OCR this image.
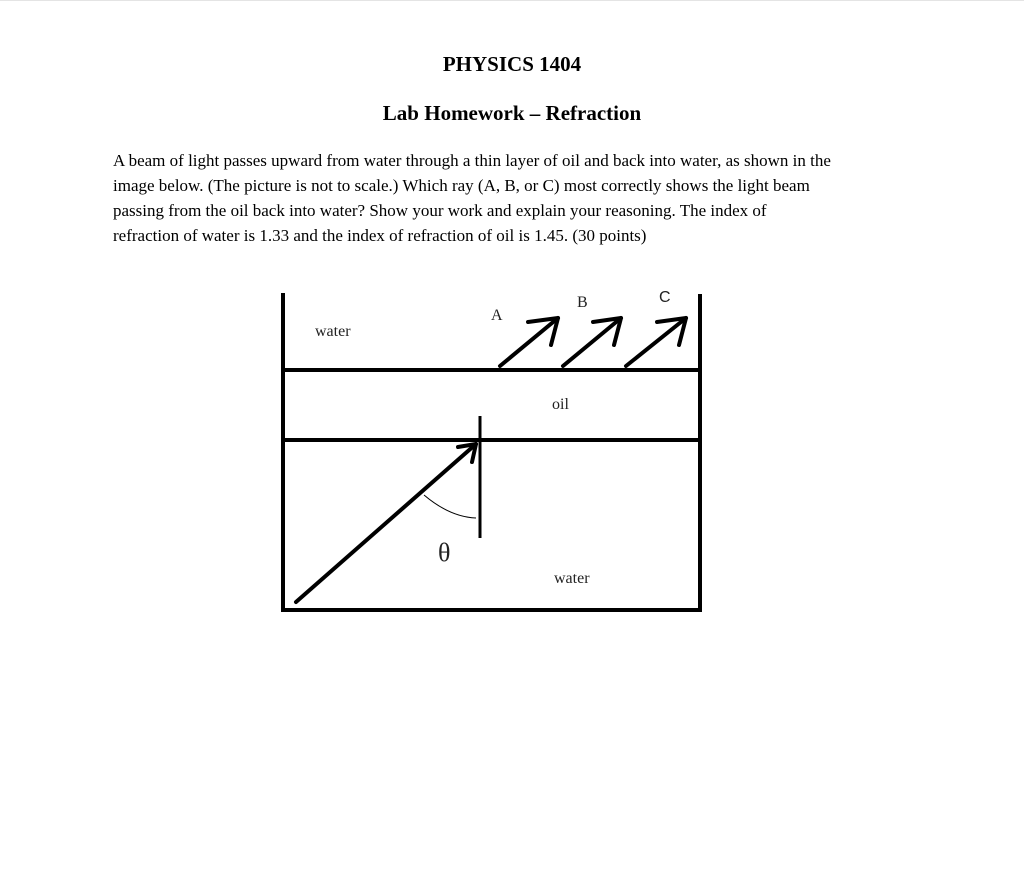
PHYSICS 1404
Lab Homework – Refraction

A beam of light passes upward from water through a thin layer of oil and back into water, as shown in the
image below. (The picture is not to scale.) Which ray (A, B, or C) most correctly shows the light beam
passing from the oil back into water? Show your work and explain your reasoning. The index of
refraction of water is 1.33 and the index of refraction of oil is 1.45. (30 points)

water
oil
water
θ
A
B	C
